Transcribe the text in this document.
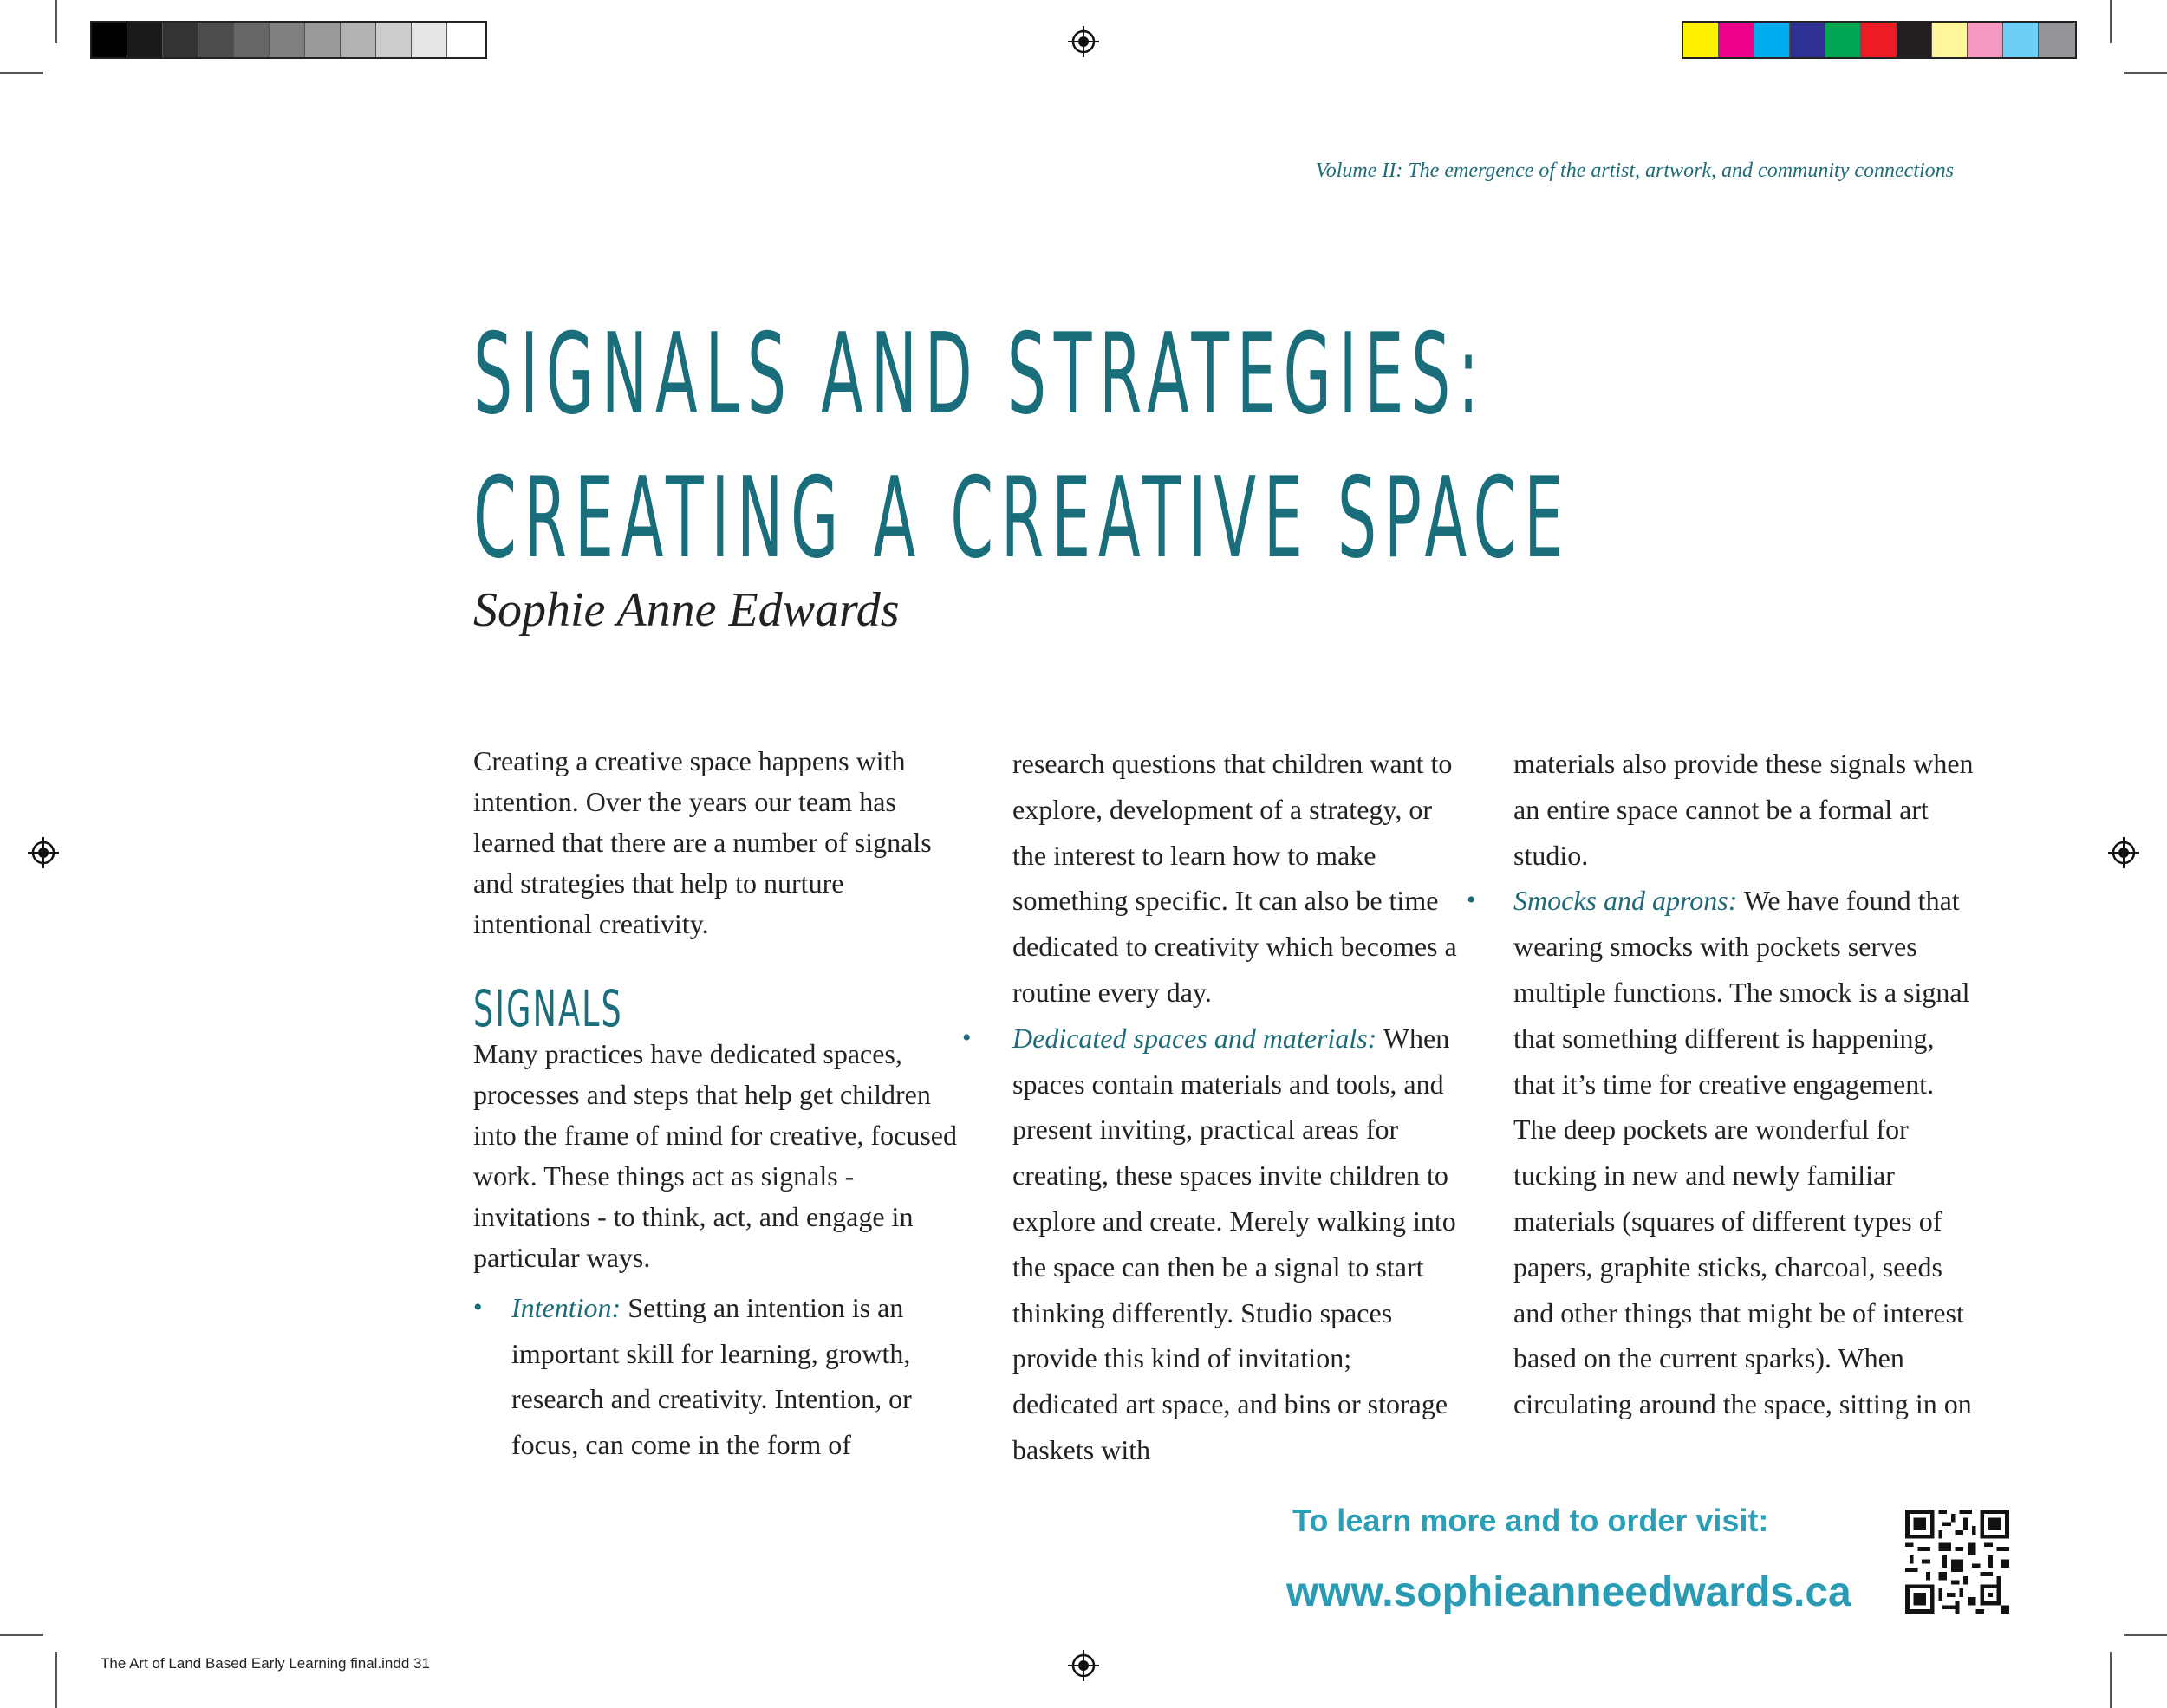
Volume II: The emergence of the artist, artwork, and community connections
SIGNALS AND STRATEGIES:
CREATING A CREATIVE SPACE
Sophie Anne Edwards

Creating a creative space happens with intention. Over the years our team has learned that there are a number of signals and strategies that help to nurture intentional creativity.

SIGNALS

Many practices have dedicated spaces, processes and steps that help get children into the frame of mind for creative, focused work. These things act as signals - invitations - to think, act, and engage in particular ways.

• Intention: Setting an intention is an important skill for learning, growth, research and creativity. Intention, or focus, can come in the form of

research questions that children want to explore, development of a strategy, or the interest to learn how to make something specific. It can also be time dedicated to creativity which becomes a routine every day.

• Dedicated spaces and materials: When spaces contain materials and tools, and present inviting, practical areas for creating, these spaces invite children to explore and create. Merely walking into the space can then be a signal to start thinking differently. Studio spaces provide this kind of invitation; dedicated art space, and bins or storage baskets with

materials also provide these signals when an entire space cannot be a formal art studio.

• Smocks and aprons: We have found that wearing smocks with pockets serves multiple functions. The smock is a signal that something different is happening, that it’s time for creative engagement. The deep pockets are wonderful for tucking in new and newly familiar materials (squares of different types of papers, graphite sticks, charcoal, seeds and other things that might be of interest based on the current sparks). When circulating around the space, sitting in on
To learn more and to order visit:
www.sophieanneedwards.ca
The Art of Land Based Early Learning final.indd 31
